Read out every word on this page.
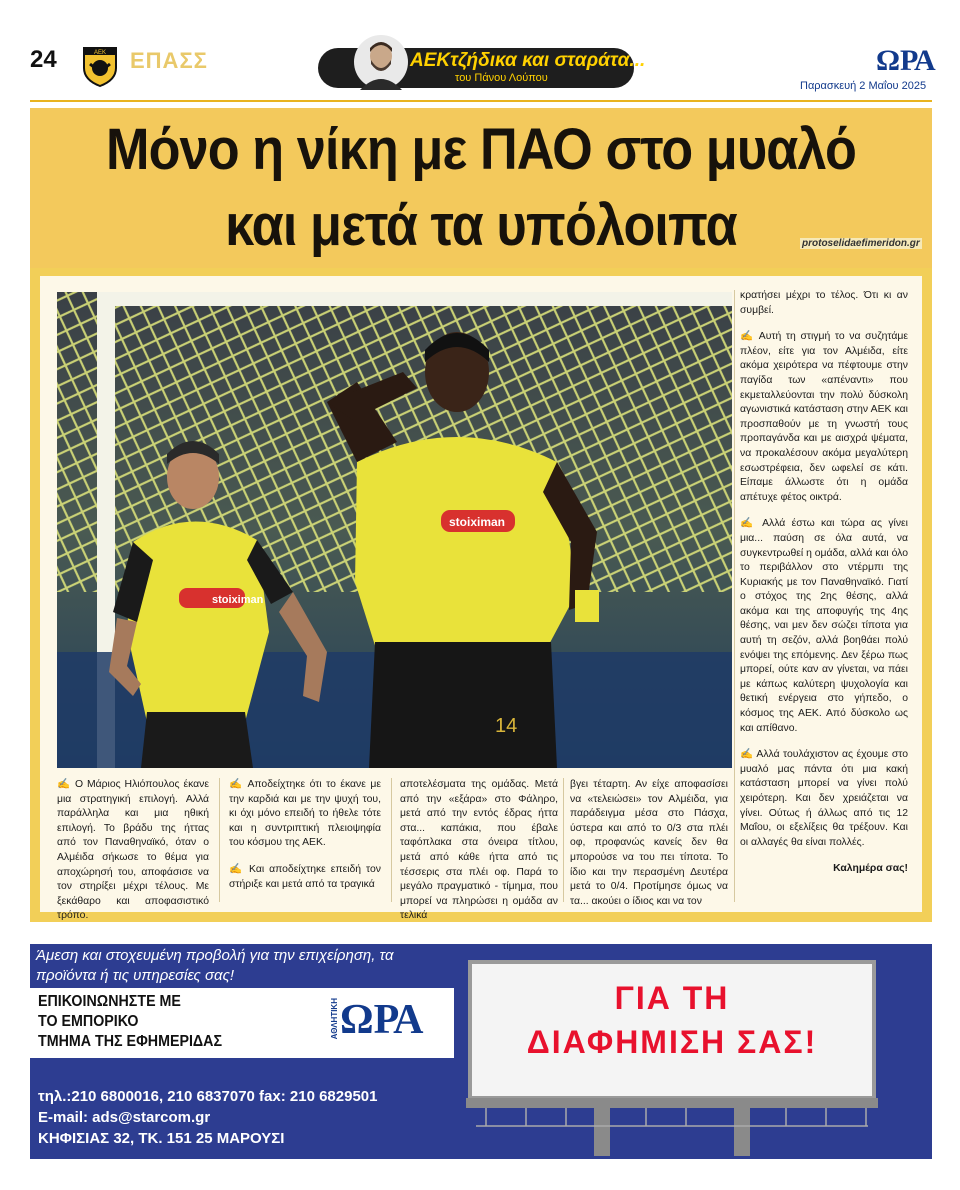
24	ΑΕΚ ΕΠΑΣΣ	ΑΕΚτζήδικα και σταράτα...
του Πάνου Λούπου
ΩΡΑ
Παρασκευή 2 Μαΐου 2025
Μόνο η νίκη με ΠΑΟ στο μυαλό
και μετά τα υπόλοιπα	protoselidaefimeridon.gr
14
stoiximan
stoiximan

✍ Ο Μάριος Ηλιόπουλος έκανε μια στρατηγική επιλογή. Αλλά παράλληλα και μια ηθική επιλογή. Το βράδυ της ήττας από τον Παναθηναϊκό, όταν ο Αλμέιδα σήκωσε το θέμα για αποχώρησή του, αποφάσισε να τον στηρίξει μέχρι τέλους. Με ξεκάθαρο και αποφασιστικό τρόπο.

✍ Αποδείχτηκε ότι το έκανε με την καρδιά και με την ψυχή του, κι όχι μόνο επειδή το ήθελε τότε και η συντριπτική πλειοψηφία του κόσμου της ΑΕΚ.

✍ Και αποδείχτηκε επειδή τον στήριξε και μετά από τα τραγικά

αποτελέσματα της ομάδας. Μετά από την «εξάρα» στο Φάληρο, μετά από την εντός έδρας ήττα στα... καπάκια, που έβαλε ταφόπλακα στα όνειρα τίτλου, μετά από κάθε ήττα από τις τέσσερις στα πλέι οφ. Παρά το μεγάλο πραγματικό - τίμημα, που μπορεί να πληρώσει η ομάδα αν τελικά

βγει τέταρτη. Αν είχε αποφασίσει να «τελειώσει» τον Αλμέιδα, για παράδειγμα μέσα στο Πάσχα, ύστερα και από το 0/3 στα πλέι οφ, προφανώς κανείς δεν θα μπορούσε να του πει τίποτα. Το ίδιο και την περασμένη Δευτέρα μετά το 0/4. Προτίμησε όμως να τα... ακούει ο ίδιος και να τον

κρατήσει μέχρι το τέλος. Ότι κι αν συμβεί.

✍ Αυτή τη στιγμή το να συζητάμε πλέον, είτε για τον Αλμέιδα, είτε ακόμα χειρότερα να πέφτουμε στην παγίδα των «απέναντι» που εκμεταλλεύονται την πολύ δύσκολη αγωνιστικά κατάσταση στην ΑΕΚ και προσπαθούν με τη γνωστή τους προπαγάνδα και με αισχρά ψέματα, να προκαλέσουν ακόμα μεγαλύτερη εσωστρέφεια, δεν ωφελεί σε κάτι. Είπαμε άλλωστε ότι η ομάδα απέτυχε φέτος οικτρά.

✍ Αλλά έστω και τώρα ας γίνει μια... παύση σε όλα αυτά, να συγκεντρωθεί η ομάδα, αλλά και όλο το περιβάλλον στο ντέρμπι της Κυριακής με τον Παναθηναϊκό. Γιατί ο στόχος της 2ης θέσης, αλλά ακόμα και της αποφυγής της 4ης θέσης, ναι μεν δεν σώζει τίποτα για αυτή τη σεζόν, αλλά βοηθάει πολύ ενόψει της επόμενης. Δεν ξέρω πως μπορεί, ούτε καν αν γίνεται, να πάει με κάπως καλύτερη ψυχολογία και θετική ενέργεια στο γήπεδο, ο κόσμος της ΑΕΚ. Από δύσκολο ως και απίθανο.

✍ Αλλά τουλάχιστον ας έχουμε στο μυαλό μας πάντα ότι μια κακή κατάσταση μπορεί να γίνει πολύ χειρότερη. Και δεν χρειάζεται να γίνει. Ούτως ή άλλως από τις 12 Μαΐου, οι εξελίξεις θα τρέξουν. Και οι αλλαγές θα είναι πολλές.

Καλημέρα σας!

Άμεση και στοχευμένη προβολή για την επιχείρηση, τα προϊόντα ή τις υπηρεσίες σας!
ΕΠΙΚΟΙΝΩΝΗΣΤΕ ΜΕ
ΤΟ ΕΜΠΟΡΙΚΟ
ΤΜΗΜΑ ΤΗΣ ΕΦΗΜΕΡΙΔΑΣ
ΑΘΛΗΤΙΚΗ ΩΡΑ
τηλ.:210 6800016, 210 6837070 fax: 210 6829501
E-mail: ads@starcom.gr
ΚΗΦΙΣΙΑΣ 32, ΤΚ. 151 25 ΜΑΡΟΥΣΙ
ΓΙΑ ΤΗ
ΔΙΑΦΗΜΙΣΗ ΣΑΣ!
